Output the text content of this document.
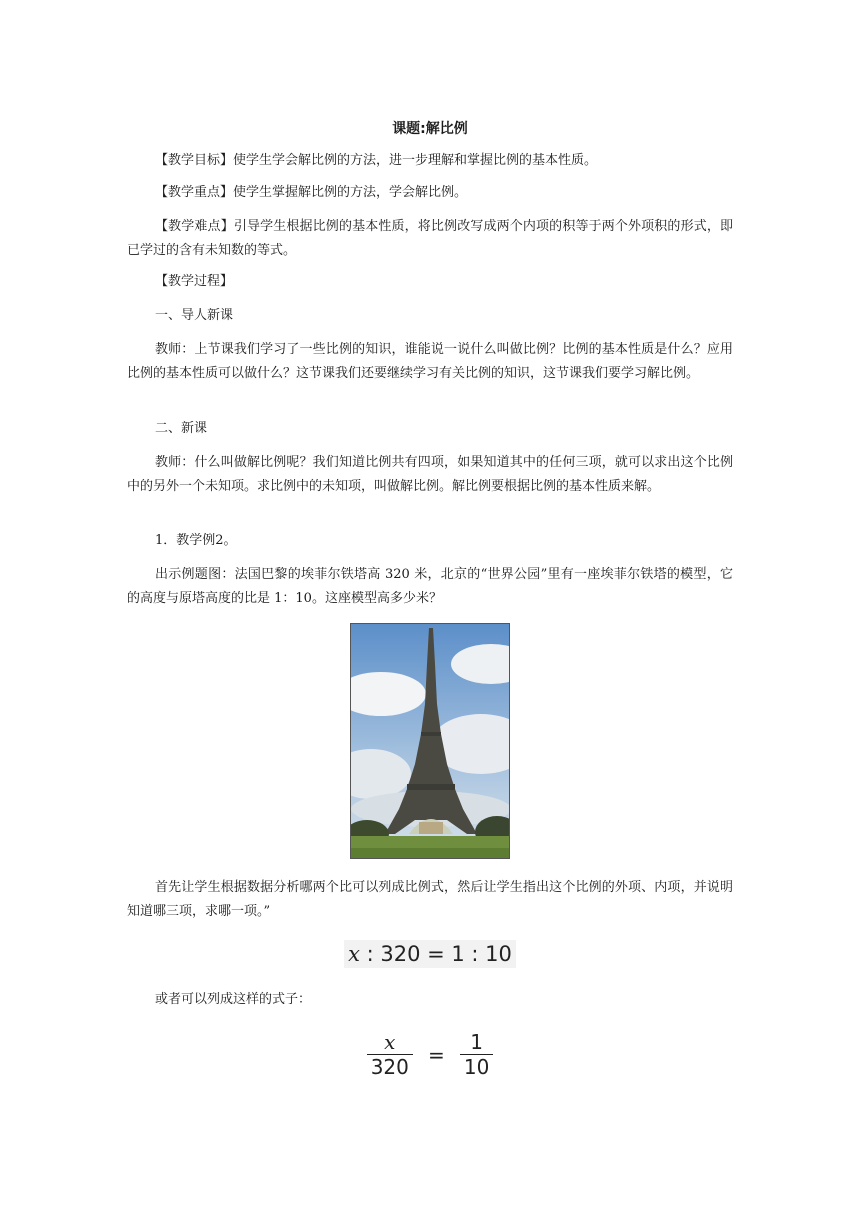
课题:解比例
【教学目标】使学生学会解比例的方法，进一步理解和掌握比例的基本性质。
【教学重点】使学生掌握解比例的方法，学会解比例。
【教学难点】引导学生根据比例的基本性质，将比例改写成两个内项的积等于两个外项积的形式，即已学过的含有未知数的等式。
【教学过程】
一、导人新课
教师：上节课我们学习了一些比例的知识，谁能说一说什么叫做比例？比例的基本性质是什么？应用比例的基本性质可以做什么？这节课我们还要继续学习有关比例的知识，这节课我们要学习解比例。
二、新课
教师：什么叫做解比例呢？我们知道比例共有四项，如果知道其中的任何三项，就可以求出这个比例中的另外一个未知项。求比例中的未知项，叫做解比例。解比例要根据比例的基本性质来解。
1．教学例2。
出示例题图：法国巴黎的埃菲尔铁塔高 320 米，北京的“世界公园”里有一座埃菲尔铁塔的模型，它的高度与原塔高度的比是 1：10。这座模型高多少米？
首先让学生根据数据分析哪两个比可以列成比例式，然后让学生指出这个比例的外项、内项，并说明知道哪三项，求哪一项。”
x : 320 = 1 : 10
或者可以列成这样的式子：
$\frac{x}{320} = \frac{1}{10}$
